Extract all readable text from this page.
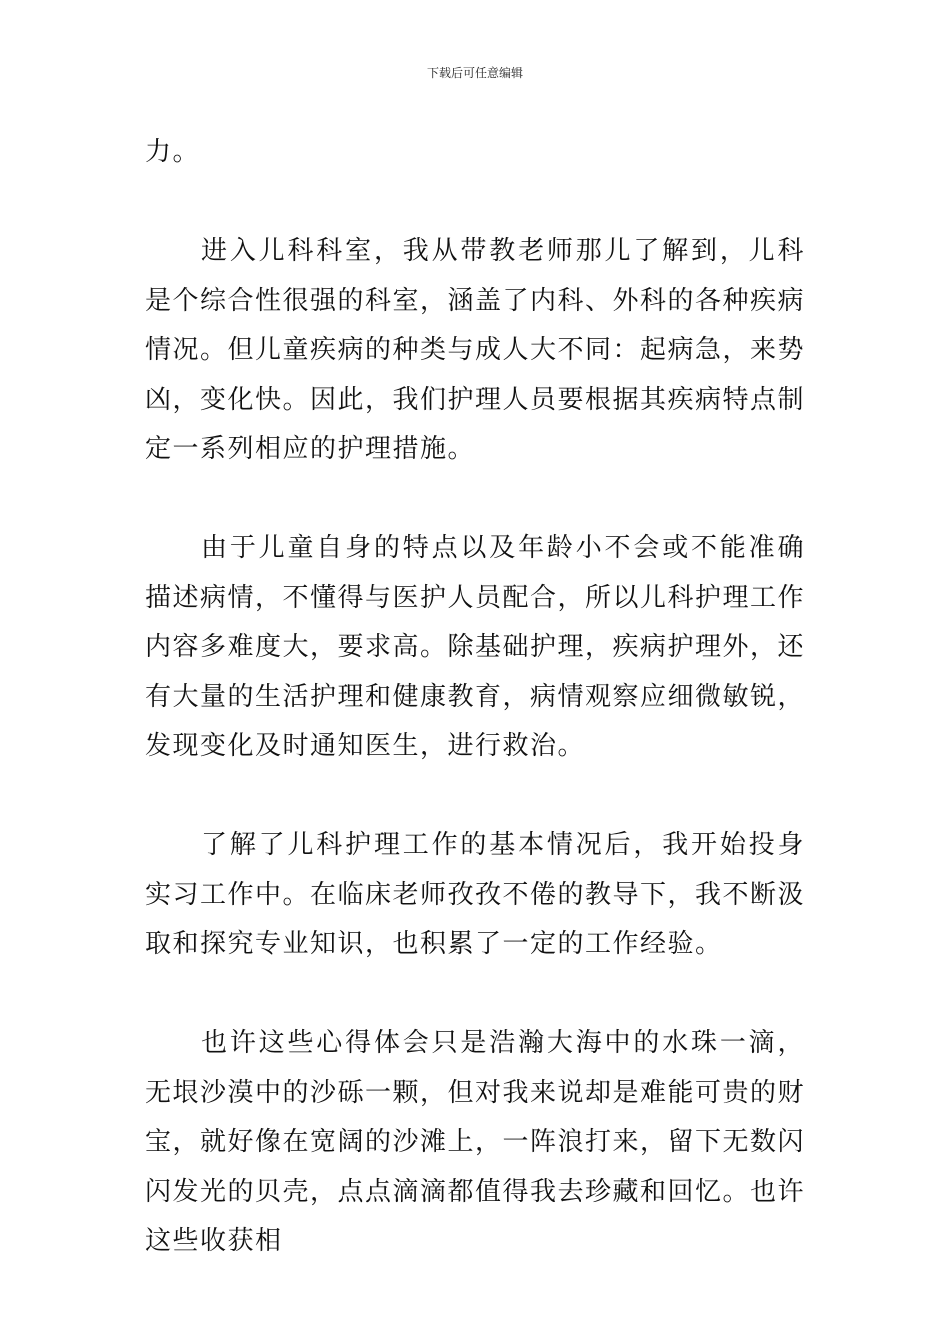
下载后可任意编辑

力。

进入儿科科室，我从带教老师那儿了解到，儿科是个综合性很强的科室，涵盖了内科、外科的各种疾病情况。但儿童疾病的种类与成人大不同：起病急，来势凶，变化快。因此，我们护理人员要根据其疾病特点制定一系列相应的护理措施。

由于儿童自身的特点以及年龄小不会或不能准确描述病情，不懂得与医护人员配合，所以儿科护理工作内容多难度大，要求高。除基础护理，疾病护理外，还有大量的生活护理和健康教育，病情观察应细微敏锐，发现变化及时通知医生，进行救治。

了解了儿科护理工作的基本情况后，我开始投身实习工作中。在临床老师孜孜不倦的教导下，我不断汲取和探究专业知识，也积累了一定的工作经验。

也许这些心得体会只是浩瀚大海中的水珠一滴，无垠沙漠中的沙砾一颗，但对我来说却是难能可贵的财宝，就好像在宽阔的沙滩上，一阵浪打来，留下无数闪闪发光的贝壳，点点滴滴都值得我去珍藏和回忆。也许这些收获相
